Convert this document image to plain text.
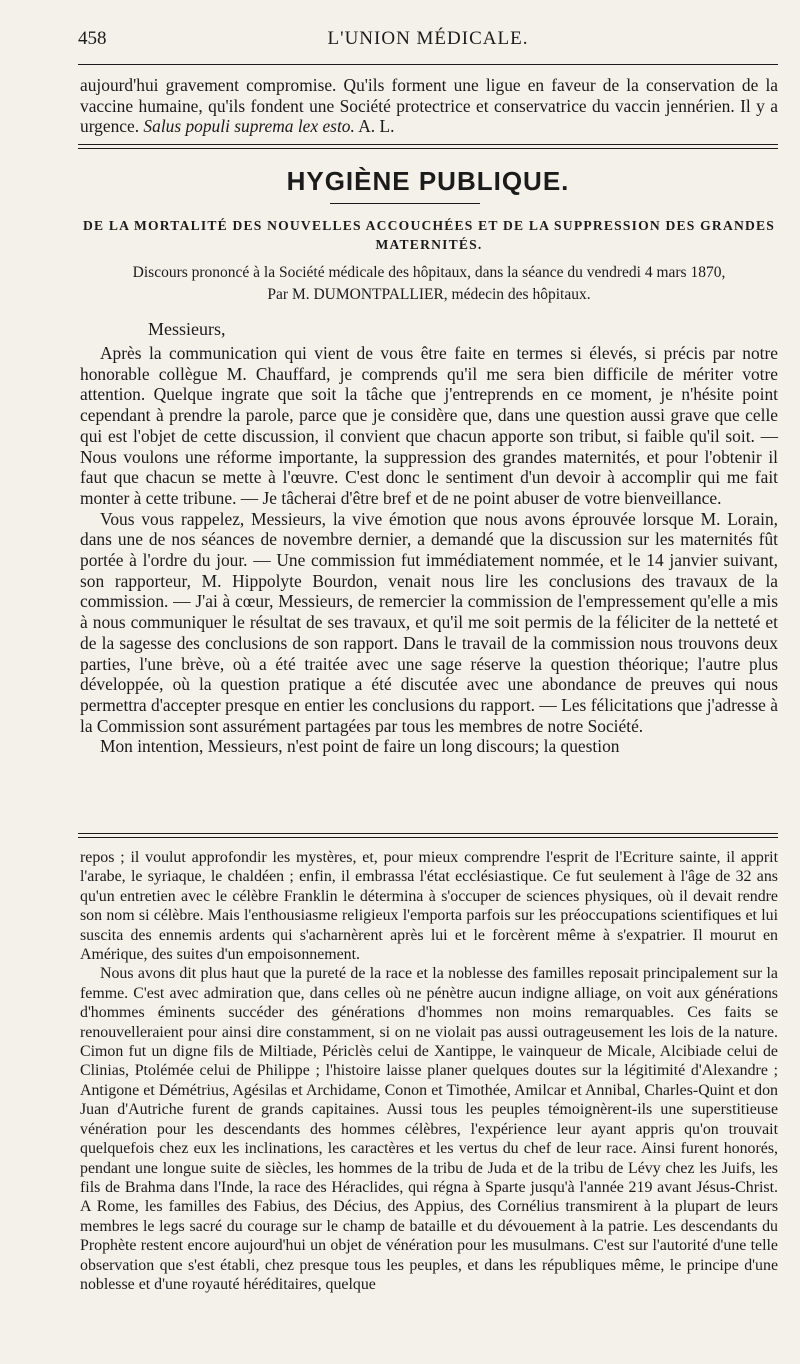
458	L'UNION MÉDICALE.

aujourd'hui gravement compromise. Qu'ils forment une ligue en faveur de la conservation de la vaccine humaine, qu'ils fondent une Société protectrice et conservatrice du vaccin jennérien. Il y a urgence. Salus populi suprema lex esto. A. L.

HYGIÈNE PUBLIQUE.
DE LA MORTALITÉ DES NOUVELLES ACCOUCHÉES ET DE LA SUPPRESSION DES GRANDES MATERNITÉS.
Discours prononcé à la Société médicale des hôpitaux, dans la séance du vendredi 4 mars 1870,
Par M. DUMONTPALLIER, médecin des hôpitaux.
Messieurs,

Après la communication qui vient de vous être faite en termes si élevés, si précis par notre honorable collègue M. Chauffard, je comprends qu'il me sera bien difficile de mériter votre attention. Quelque ingrate que soit la tâche que j'entreprends en ce moment, je n'hésite point cependant à prendre la parole, parce que je considère que, dans une question aussi grave que celle qui est l'objet de cette discussion, il convient que chacun apporte son tribut, si faible qu'il soit. — Nous voulons une réforme importante, la suppression des grandes maternités, et pour l'obtenir il faut que chacun se mette à l'œuvre. C'est donc le sentiment d'un devoir à accomplir qui me fait monter à cette tribune. — Je tâcherai d'être bref et de ne point abuser de votre bienveillance.

Vous vous rappelez, Messieurs, la vive émotion que nous avons éprouvée lorsque M. Lorain, dans une de nos séances de novembre dernier, a demandé que la discussion sur les maternités fût portée à l'ordre du jour. — Une commission fut immédiatement nommée, et le 14 janvier suivant, son rapporteur, M. Hippolyte Bourdon, venait nous lire les conclusions des travaux de la commission. — J'ai à cœur, Messieurs, de remercier la commission de l'empressement qu'elle a mis à nous communiquer le résultat de ses travaux, et qu'il me soit permis de la féliciter de la netteté et de la sagesse des conclusions de son rapport. Dans le travail de la commission nous trouvons deux parties, l'une brève, où a été traitée avec une sage réserve la question théorique; l'autre plus développée, où la question pratique a été discutée avec une abondance de preuves qui nous permettra d'accepter presque en entier les conclusions du rapport. — Les félicitations que j'adresse à la Commission sont assurément partagées par tous les membres de notre Société.

Mon intention, Messieurs, n'est point de faire un long discours; la question

repos ; il voulut approfondir les mystères, et, pour mieux comprendre l'esprit de l'Ecriture sainte, il apprit l'arabe, le syriaque, le chaldéen ; enfin, il embrassa l'état ecclésiastique. Ce fut seulement à l'âge de 32 ans qu'un entretien avec le célèbre Franklin le détermina à s'occuper de sciences physiques, où il devait rendre son nom si célèbre. Mais l'enthousiasme religieux l'emporta parfois sur les préoccupations scientifiques et lui suscita des ennemis ardents qui s'acharnèrent après lui et le forcèrent même à s'expatrier. Il mourut en Amérique, des suites d'un empoisonnement.

Nous avons dit plus haut que la pureté de la race et la noblesse des familles reposait principalement sur la femme. C'est avec admiration que, dans celles où ne pénètre aucun indigne alliage, on voit aux générations d'hommes éminents succéder des générations d'hommes non moins remarquables. Ces faits se renouvelleraient pour ainsi dire constamment, si on ne violait pas aussi outrageusement les lois de la nature. Cimon fut un digne fils de Miltiade, Périclès celui de Xantippe, le vainqueur de Micale, Alcibiade celui de Clinias, Ptolémée celui de Philippe ; l'histoire laisse planer quelques doutes sur la légitimité d'Alexandre ; Antigone et Démétrius, Agésilas et Archidame, Conon et Timothée, Amilcar et Annibal, Charles-Quint et don Juan d'Autriche furent de grands capitaines. Aussi tous les peuples témoignèrent-ils une superstitieuse vénération pour les descendants des hommes célèbres, l'expérience leur ayant appris qu'on trouvait quelquefois chez eux les inclinations, les caractères et les vertus du chef de leur race. Ainsi furent honorés, pendant une longue suite de siècles, les hommes de la tribu de Juda et de la tribu de Lévy chez les Juifs, les fils de Brahma dans l'Inde, la race des Héraclides, qui régna à Sparte jusqu'à l'année 219 avant Jésus-Christ. A Rome, les familles des Fabius, des Décius, des Appius, des Cornélius transmirent à la plupart de leurs membres le legs sacré du courage sur le champ de bataille et du dévouement à la patrie. Les descendants du Prophète restent encore aujourd'hui un objet de vénération pour les musulmans. C'est sur l'autorité d'une telle observation que s'est établi, chez presque tous les peuples, et dans les républiques même, le principe d'une noblesse et d'une royauté héréditaires, quelque
